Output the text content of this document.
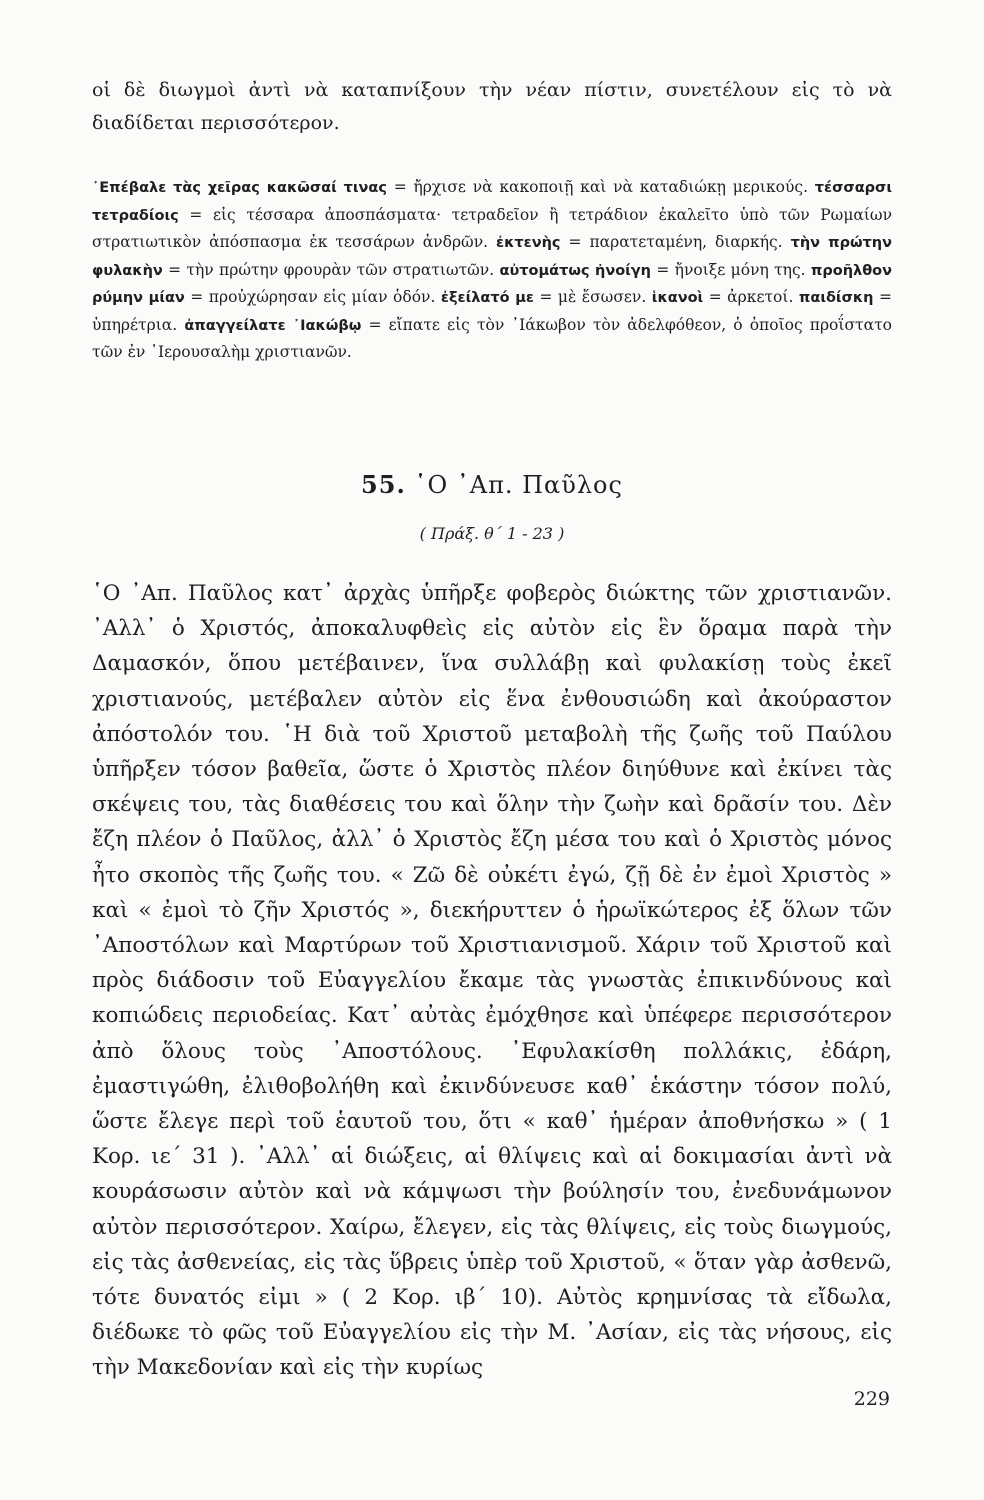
οἱ δὲ διωγμοὶ ἀντὶ νὰ καταπνίξουν τὴν νέαν πίστιν, συνετέλουν εἰς τὸ νὰ διαδίδεται περισσότερον.

᾿Επέβαλε τὰς χεῖρας κακῶσαί τινας = ἤρχισε νὰ κακοποιῇ καὶ νὰ καταδιώκῃ μερικούς. τέσσαρσι τετραδίοις = εἰς τέσσαρα ἀποσπάσματα· τετραδεῖον ἢ τετράδιον ἐκαλεῖτο ὑπὸ τῶν Ρωμαίων στρατιωτικὸν ἀπόσπασμα ἐκ τεσσάρων ἀνδρῶν. ἐκτενὴς = παρατεταμένη, διαρκής. τὴν πρώτην φυλακὴν = τὴν πρώτην φρουρὰν τῶν στρατιωτῶν. αὐτομάτως ἠνοίγη = ἤνοιξε μόνη της. προῆλθον ρύμην μίαν = προὐχώρησαν εἰς μίαν ὁδόν. ἐξείλατό με = μὲ ἔσωσεν. ἱκανοὶ = ἀρκετοί. παιδίσκη = ὑπηρέτρια. ἀπαγγείλατε ᾿Ιακώβῳ = εἴπατε εἰς τὸν ᾿Ιάκωβον τὸν ἀδελφόθεον, ὁ ὁποῖος προΐστατο τῶν ἐν ῾Ιερουσαλὴμ χριστιανῶν.

55. ῾Ο ᾿Απ. Παῦλος
( Πράξ. θ΄ 1 - 23 )

῾Ο ᾿Απ. Παῦλος κατ᾿ ἀρχὰς ὑπῆρξε φοβερὸς διώκτης τῶν χριστιανῶν. ᾿Αλλ᾿ ὁ Χριστός, ἀποκαλυφθεὶς εἰς αὐτὸν εἰς ἓν ὅραμα παρὰ τὴν Δαμασκόν, ὅπου μετέβαινεν, ἵνα συλλάβῃ καὶ φυλακίσῃ τοὺς ἐκεῖ χριστιανούς, μετέβαλεν αὐτὸν εἰς ἕνα ἐνθουσιώδη καὶ ἀκούραστον ἀπόστολόν του. ῾Η διὰ τοῦ Χριστοῦ μεταβολὴ τῆς ζωῆς τοῦ Παύλου ὑπῆρξεν τόσον βαθεῖα, ὥστε ὁ Χριστὸς πλέον διηύθυνε καὶ ἐκίνει τὰς σκέψεις του, τὰς διαθέσεις του καὶ ὅλην τὴν ζωὴν καὶ δρᾶσίν του. Δὲν ἔζη πλέον ὁ Παῦλος, ἀλλ᾿ ὁ Χριστὸς ἔζη μέσα του καὶ ὁ Χριστὸς μόνος ἦτο σκοπὸς τῆς ζωῆς του. « Ζῶ δὲ οὐκέτι ἐγώ, ζῇ δὲ ἐν ἐμοὶ Χριστὸς » καὶ « ἐμοὶ τὸ ζῆν Χριστός », διεκήρυττεν ὁ ἡρωϊκώτερος ἐξ ὅλων τῶν ᾿Αποστόλων καὶ Μαρτύρων τοῦ Χριστιανισμοῦ. Χάριν τοῦ Χριστοῦ καὶ πρὸς διάδοσιν τοῦ Εὐαγγελίου ἔκαμε τὰς γνωστὰς ἐπικινδύνους καὶ κοπιώδεις περιοδείας. Κατ᾿ αὐτὰς ἐμόχθησε καὶ ὑπέφερε περισσότερον ἀπὸ ὅλους τοὺς ᾿Αποστόλους. ᾿Εφυλακίσθη πολλάκις, ἐδάρη, ἐμαστιγώθη, ἐλιθοβολήθη καὶ ἐκινδύνευσε καθ᾿ ἑκάστην τόσον πολύ, ὥστε ἔλεγε περὶ τοῦ ἑαυτοῦ του, ὅτι « καθ᾿ ἡμέραν ἀποθνήσκω » ( 1 Κορ. ιε΄ 31 ). ᾿Αλλ᾿ αἱ διώξεις, αἱ θλίψεις καὶ αἱ δοκιμασίαι ἀντὶ νὰ κουράσωσιν αὐτὸν καὶ νὰ κάμψωσι τὴν βούλησίν του, ἐνεδυνάμωνον αὐτὸν περισσότερον. Χαίρω, ἔλεγεν, εἰς τὰς θλίψεις, εἰς τοὺς διωγμούς, εἰς τὰς ἀσθενείας, εἰς τὰς ὕβρεις ὑπὲρ τοῦ Χριστοῦ, « ὅταν γὰρ ἀσθενῶ, τότε δυνατός εἰμι » ( 2 Κορ. ιβ΄ 10). Αὐτὸς κρημνίσας τὰ εἴδωλα, διέδωκε τὸ φῶς τοῦ Εὐαγγελίου εἰς τὴν Μ. ᾿Ασίαν, εἰς τὰς νήσους, εἰς τὴν Μακεδονίαν καὶ εἰς τὴν κυρίως

229
